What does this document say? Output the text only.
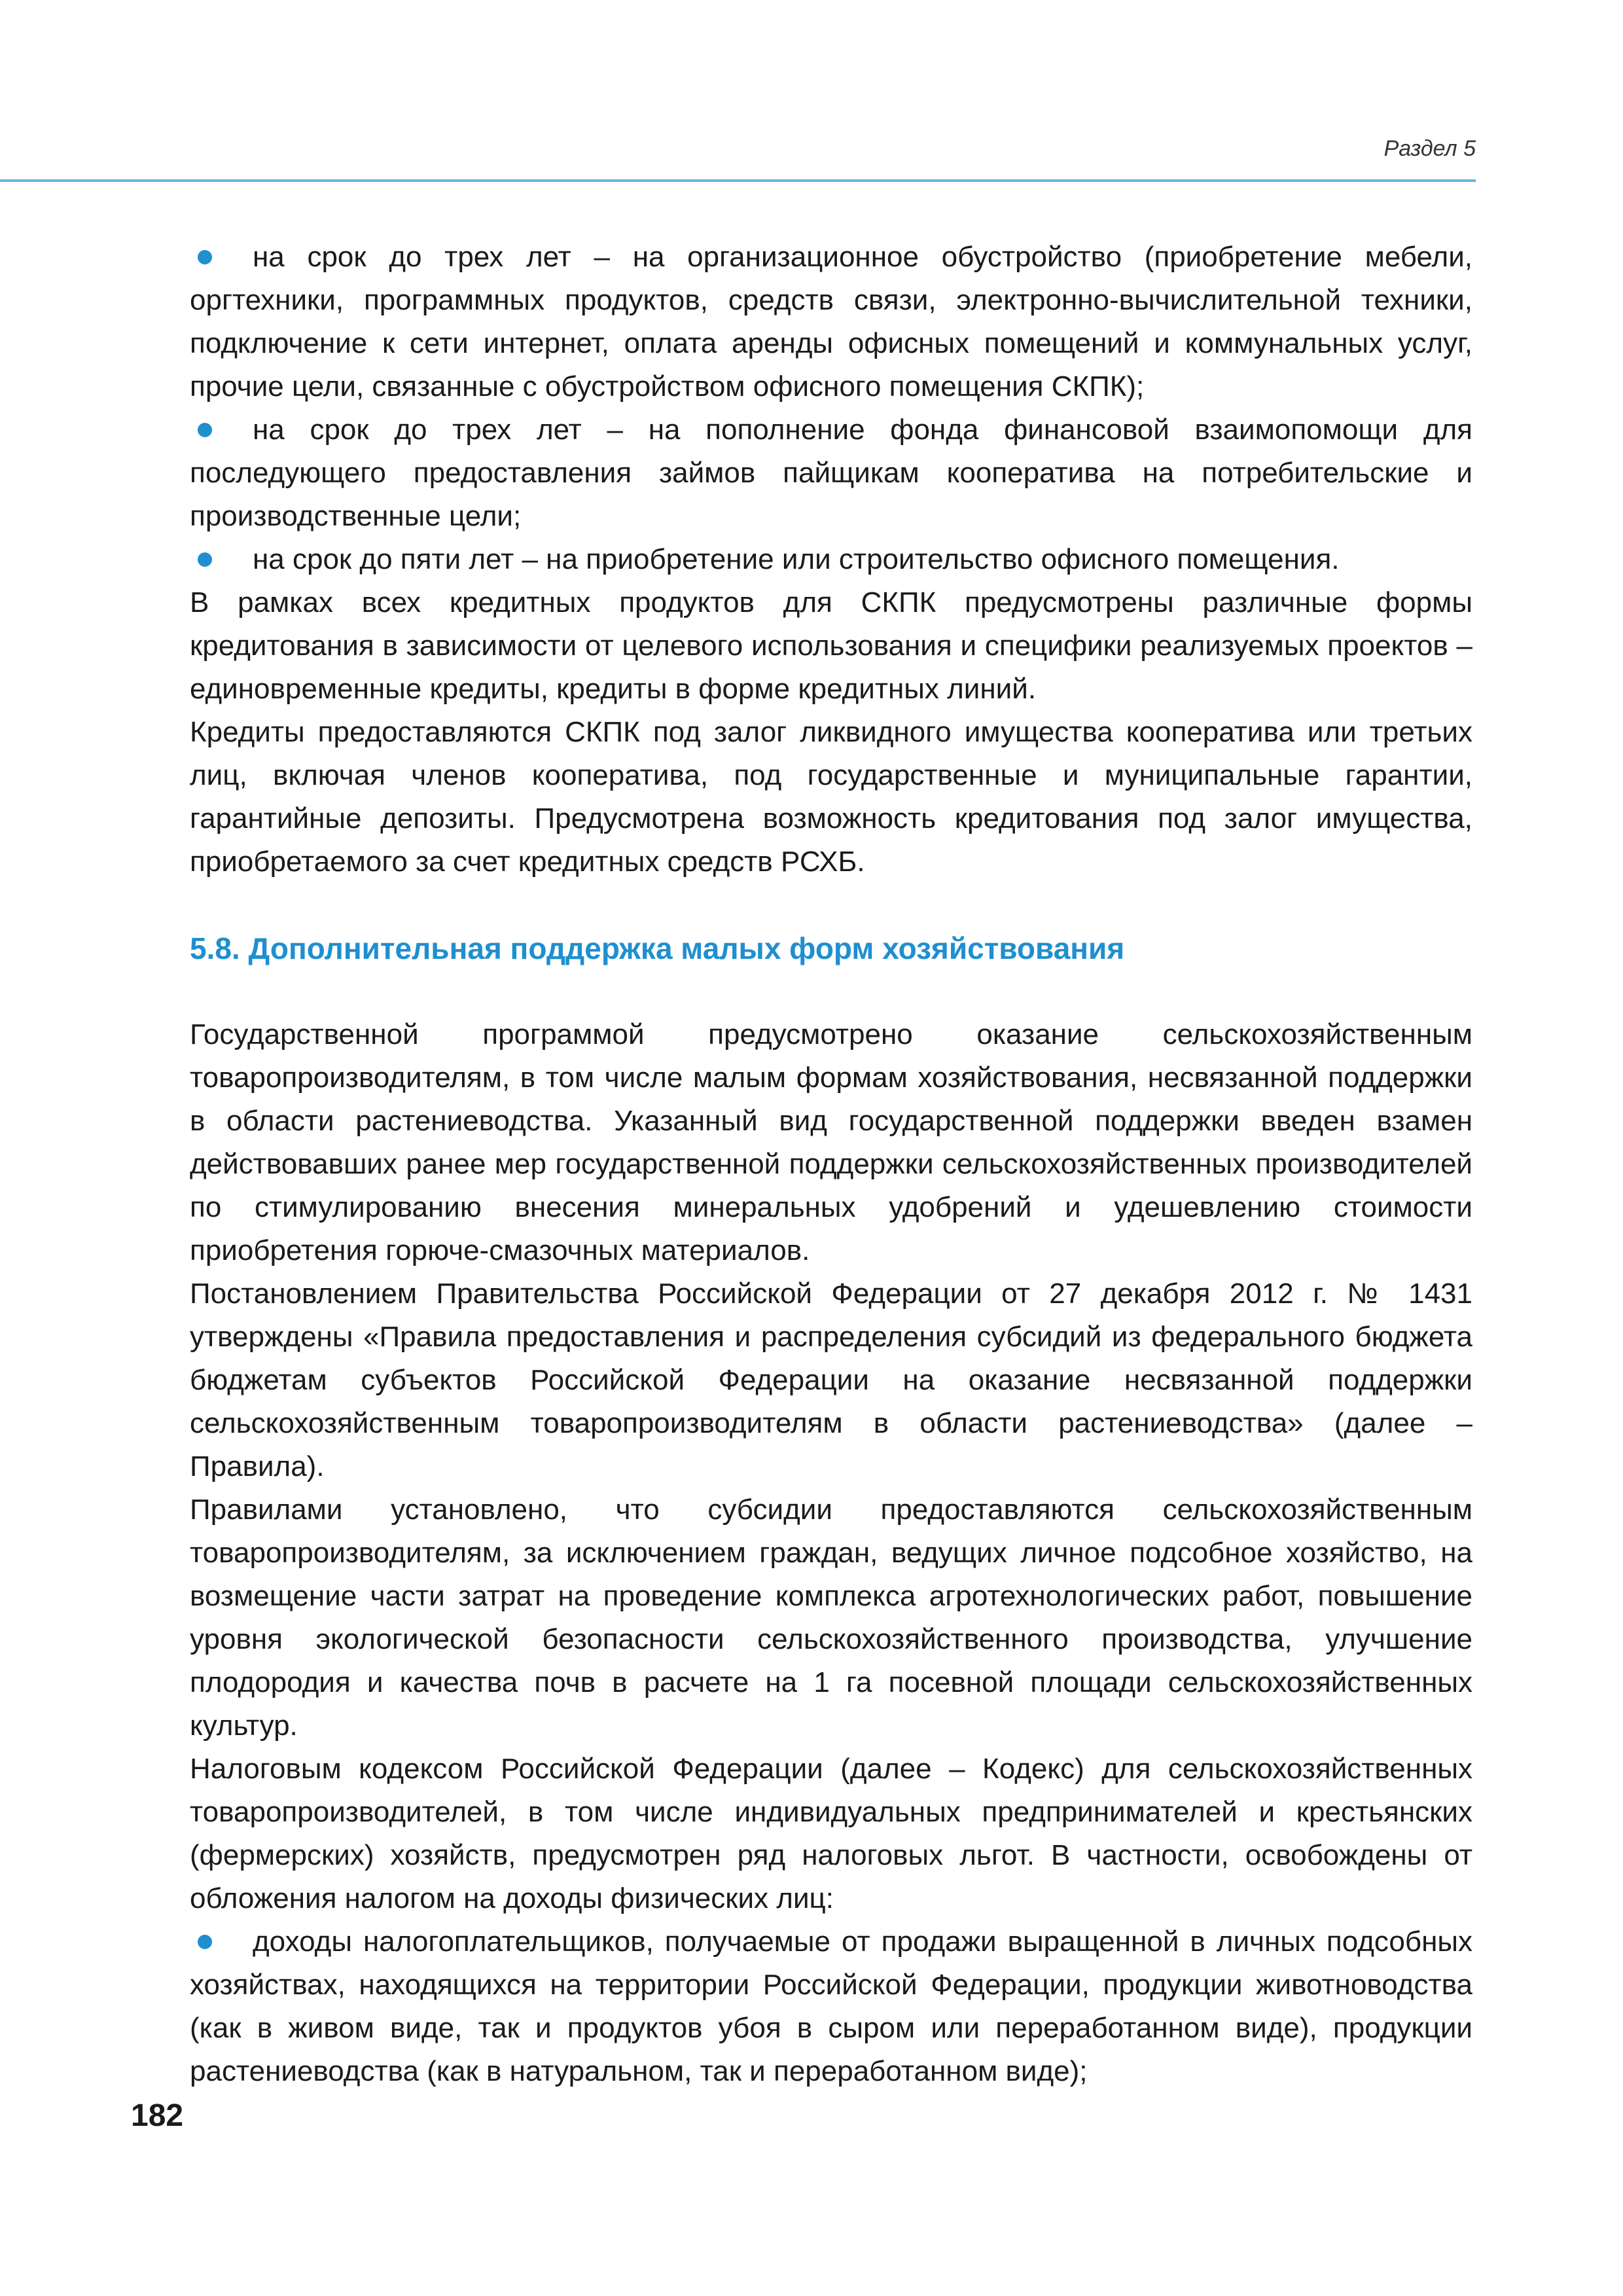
Раздел 5
на срок до трех лет – на организационное обустройство (приобретение мебели, оргтехники, программных продуктов, средств связи, электронно-вычислительной техники, подключение к сети интернет, оплата аренды офисных помещений и коммунальных услуг, прочие цели, связанные с обустройством офисного помещения СКПК);
на срок до трех лет – на пополнение фонда финансовой взаимопомощи для последующего предоставления займов пайщикам кооператива на потребительские и производственные цели;
на срок до пяти лет – на приобретение или строительство офисного помещения.

В рамках всех кредитных продуктов для СКПК предусмотрены различные формы кредитования в зависимости от целевого использования и специфики реализуемых проектов – единовременные кредиты, кредиты в форме кредитных линий.

Кредиты предоставляются СКПК под залог ликвидного имущества кооператива или третьих лиц, включая членов кооператива, под государственные и муниципальные гарантии, гарантийные депозиты. Предусмотрена возможность кредитования под залог имущества, приобретаемого за счет кредитных средств РСХБ.

5.8. Дополнительная поддержка малых форм хозяйствования

Государственной программой предусмотрено оказание сельскохозяйственным товаропроизводителям, в том числе малым формам хозяйствования, несвязанной поддержки в области растениеводства. Указанный вид государственной поддержки введен взамен действовавших ранее мер государственной поддержки сельскохозяйственных производителей по стимулированию внесения минеральных удобрений и удешевлению стоимости приобретения горюче-смазочных материалов.

Постановлением Правительства Российской Федерации от 27 декабря 2012 г. № 1431 утверждены «Правила предоставления и распределения субсидий из федерального бюджета бюджетам субъектов Российской Федерации на оказание несвязанной поддержки сельскохозяйственным товаропроизводителям в области растениеводства» (далее – Правила).

Правилами установлено, что субсидии предоставляются сельскохозяйственным товаропроизводителям, за исключением граждан, ведущих личное подсобное хозяйство, на возмещение части затрат на проведение комплекса агротехнологических работ, повышение уровня экологической безопасности сельскохозяйственного производства, улучшение плодородия и качества почв в расчете на 1 га посевной площади сельскохозяйственных культур.

Налоговым кодексом Российской Федерации (далее – Кодекс) для сельскохозяйственных товаропроизводителей, в том числе индивидуальных предпринимателей и крестьянских (фермерских) хозяйств, предусмотрен ряд налоговых льгот. В частности, освобождены от обложения налогом на доходы физических лиц:

доходы налогоплательщиков, получаемые от продажи выращенной в личных подсобных хозяйствах, находящихся на территории Российской Федерации, продукции животноводства (как в живом виде, так и продуктов убоя в сыром или переработанном виде), продукции растениеводства (как в натуральном, так и переработанном виде);
182
